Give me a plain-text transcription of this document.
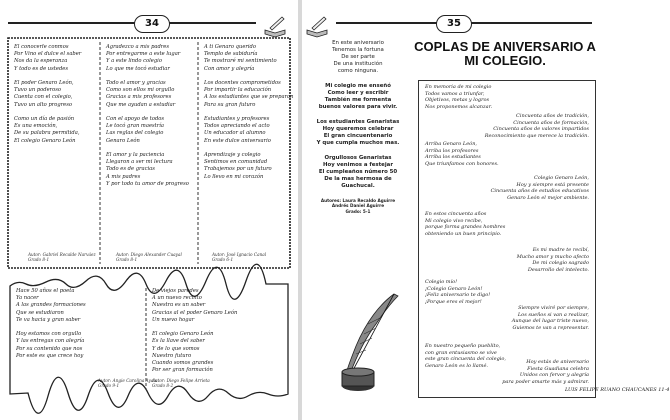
34
El conocerle conmos
Por Vino el dulce el saber
Nos da la esperanza
Y todo es de ustedes

El poder Genaro León,
Tuvo un poderoso
Cuenta con el colegio,
Tuvo un alto progreso

Como un día de pasión
Es una emoción,
De su palabra permitida,
El colegio Genaro León
Autor: Gabriel Recalde Narváez
Grado 8-1
Agradezco a mis padres
Por entregarme a este lugar
Y a este lindo colegio
Lo que me tocó estudiar

Todo el amor y gracias
Como son ellos mi orgullo
Gracias a mis profesores
Que me ayudan a estudiar

Con el apoyo de todos
Le tocó gran maestría
Las reglas del colegio
Genaro León

El amor y la paciencia
Llegaron a ser mi lectura
Todo es de gracias
A mis padres
Y por todo tu amor de progreso
Autor: Diego Alexander Cuayal
Grado 8-1
A ti Genaro querido
Templo de sabiduría
Te mostraré mi sentimiento
Con amor y alegría

Los docentes comprometidos
Por impartir la educación
A los estudiantes que se preparan
Para su gran futuro

Estudiantes y profesores
Todos apreciando el acto
Un educador al alumno
En este dulce aniversario

Aprendizaje y colegio
Sentimos en comunidad
Trabajemos por un futuro
Lo llevo en mi corazón
Autor: José Ignacio Canal
Grado 6-1
Hace 50 años el poeta
Ya nacer
A las grandes formaciones
Que se estudiaron
Te va hacia y gran saber

Hoy estamos con orgullo
Y las entregas con alegría
Por su contenido que nos
Por este es que crece hoy
Autor: Angie Carolina Ayala
Grado 9-1
De viejos paredes
A un nuevo recinto
Nuestra es un saber
Gracias al el poder Genaro León
Un nuevo hogar

El colegio Genaro León
Es la llave del saber
Y de lo que somos
Nuestro futuro
Cuando somos grandes
Por ser gran formación
Autor: Diego Felipe Arrieta
Grado 8-2
35
En este aniversario
Tenemos la fortuna
De ser parte
De una institución
como ninguna.
Mi colegio me enseñó
Como leer y escribir
También me formenta
buenos valores para vivir.
Los estudiantes Genaristas
Hoy queremos celebrar
El gran cincuentenario
Y que cumpla muchos mas.
Orgullosos Genaristas
Hoy venimos a festejar
El cumpleaños número 50
De la mas hermosa de Guachucal.
Autores: Laura Recaldo Aguirre
Andrés Daniel Aguirre
Grado: 5-1
COPLAS DE ANIVERSARIO A MI COLEGIO.
En memoria de mi colegio
Todos vamos a triunfar,
Objetivos, metas y logros
Nos proponemos alcanzar.
Cincuenta años de tradición,
Cincuenta años de formación,
Cincuenta años de valores impartidos
Reconocimiento que merece la tradición.
Arriba Genaro León,
Arriba los profesores
Arriba los estudiantes
Que triunfamos con honores.
Colegio Genaro León,
Hoy y siempre está presente
Cincuenta años de estudios educativos
Genaro León el mejor ambiente.
En estos cincuenta años
Mi colegio vivo recibe,
porque forma grandes hombres
obteniendo un buen principio.
Es mi madre te recibí,
Mucho amor y mucho afecto
De mi colegio sagrado
Desarrollo del intelecto.
Colegio mío!
¡Colegio Genaro León!
¡Feliz aniversario te digo!
¡Porque eres el mejor!
Siempre viviré por siempre,
Los sueños si van a realizar,
Aunque del lugar triste nuevo,
Guiemos te van a representar.
En nuestro pequeño pueblito,
con gran entusiasmo se vive
este gran cincuenta del colegio,
Genaro León es lo llamé.
Hoy estás de aniversario
Fiesta Guadiana celebra
Unidos con fervor y alegría
para poder amarte más y admirar.
LUIS FELIPE RUANO CHAUCANES 11-4
